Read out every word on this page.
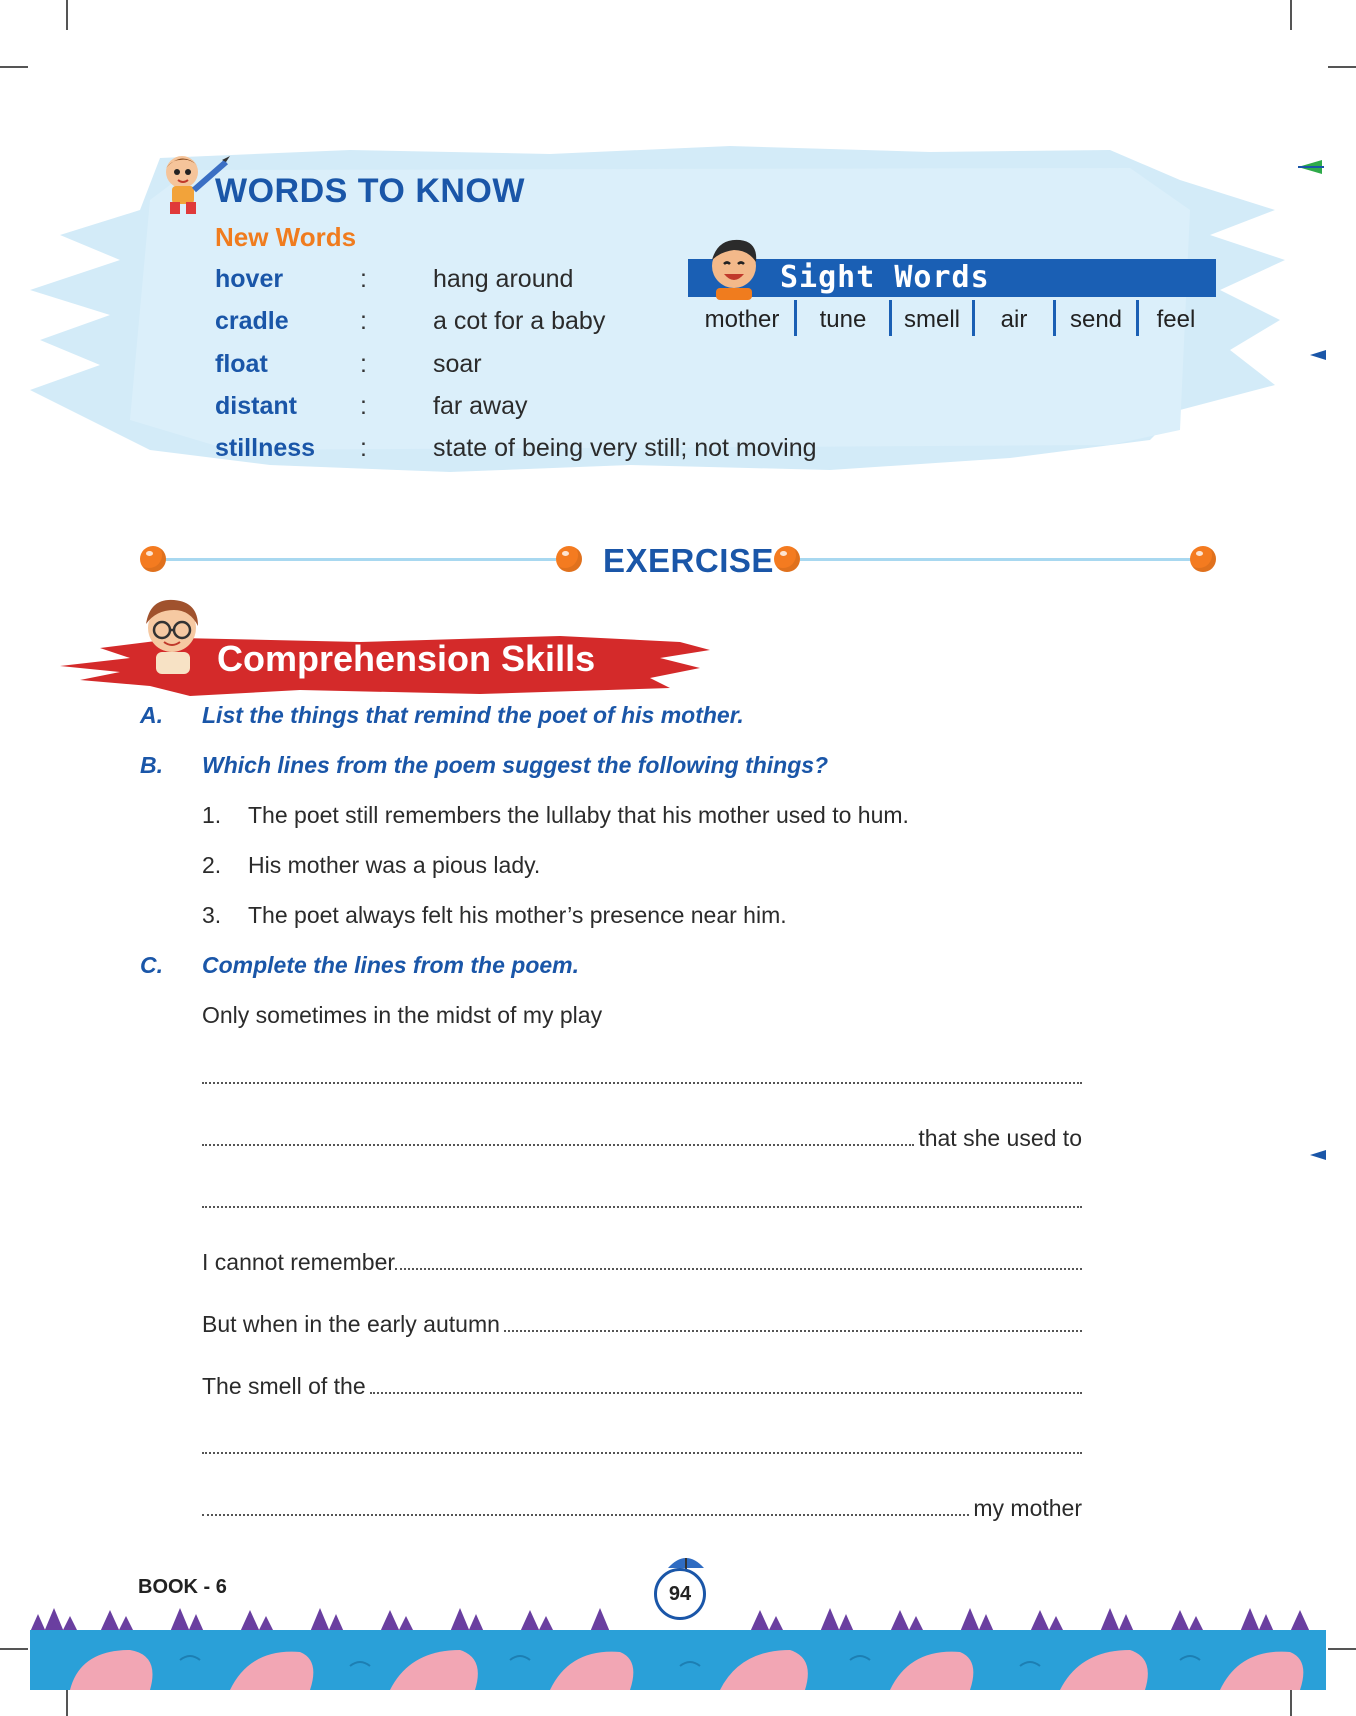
WORDS TO KNOW
New Words
hover	:	hang around
cradle	:	a cot for a baby
float	:	soar
distant	:	far away
stillness :	state of being very still; not moving
Sight Words
mother	tune	smell	air	send	feel
EXERCISE
Comprehension Skills
A. List the things that remind the poet of his mother.
B. Which lines from the poem suggest the following things?
1. The poet still remembers the lullaby that his mother used to hum.
2. His mother was a pious lady.
3. The poet always felt his mother’s presence near him.
C. Complete the lines from the poem.
Only sometimes in the midst of my play
that she used to
I cannot remember
But when in the early autumn
The smell of the
my mother
BOOK - 6	94
